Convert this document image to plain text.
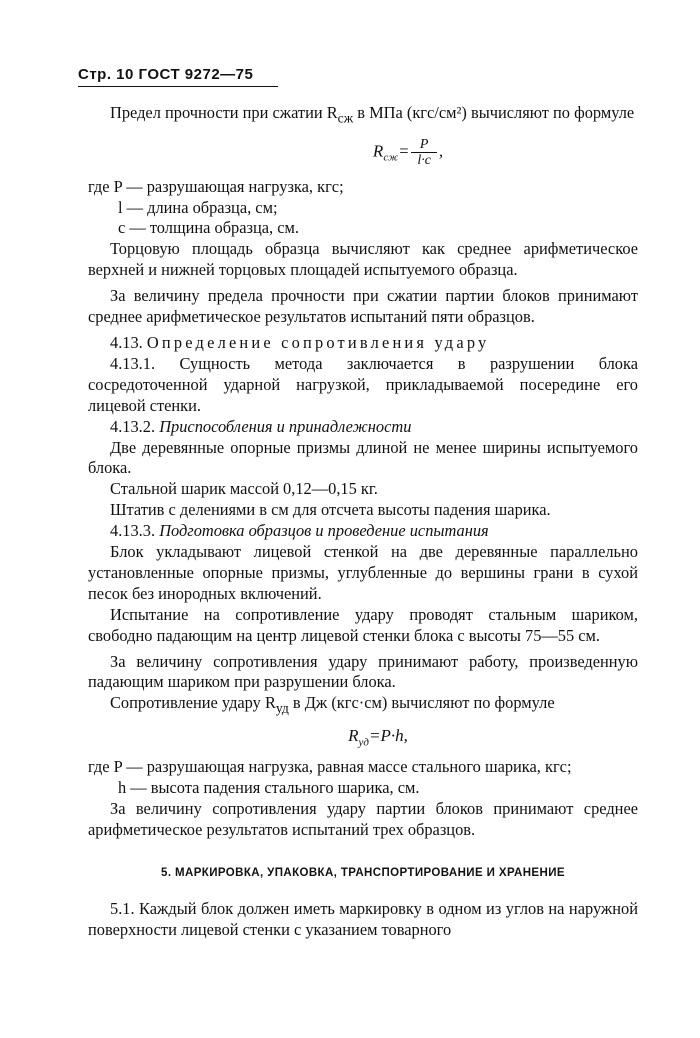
Стр. 10 ГОСТ 9272—75

Предел прочности при сжатии $R_{сж}$ в МПа (кгс/см²) вычисляют по формуле

$R_{сж}= \frac{P}{l\cdot c}$ ,

где P — разрушающая нагрузка, кгс;

l — длина образца, см;

c — толщина образца, см.

Торцовую площадь образца вычисляют как среднее арифметическое верхней и нижней торцовых площадей испытуемого образца.

За величину предела прочности при сжатии партии блоков принимают среднее арифметическое результатов испытаний пяти образцов.

4.13. Определение сопротивления удару

4.13.1. Сущность метода заключается в разрушении блока сосредоточенной ударной нагрузкой, прикладываемой посередине его лицевой стенки.

4.13.2. Приспособления и принадлежности

Две деревянные опорные призмы длиной не менее ширины испытуемого блока.

Стальной шарик массой 0,12—0,15 кг.

Штатив с делениями в см для отсчета высоты падения шарика.

4.13.3. Подготовка образцов и проведение испытания

Блок укладывают лицевой стенкой на две деревянные параллельно установленные опорные призмы, углубленные до вершины грани в сухой песок без инородных включений.

Испытание на сопротивление удару проводят стальным шариком, свободно падающим на центр лицевой стенки блока с высоты 75—55 см.

За величину сопротивления удару принимают работу, произведенную падающим шариком при разрушении блока.

Сопротивление удару $R_{уд}$ в Дж (кгс·см) вычисляют по формуле

$R_{уд}=P\cdot h$,

где P — разрушающая нагрузка, равная массе стального шарика, кгс;

h — высота падения стального шарика, см.

За величину сопротивления удару партии блоков принимают среднее арифметическое результатов испытаний трех образцов.

5. МАРКИРОВКА, УПАКОВКА, ТРАНСПОРТИРОВАНИЕ И ХРАНЕНИЕ

5.1. Каждый блок должен иметь маркировку в одном из углов на наружной поверхности лицевой стенки с указанием товарного
